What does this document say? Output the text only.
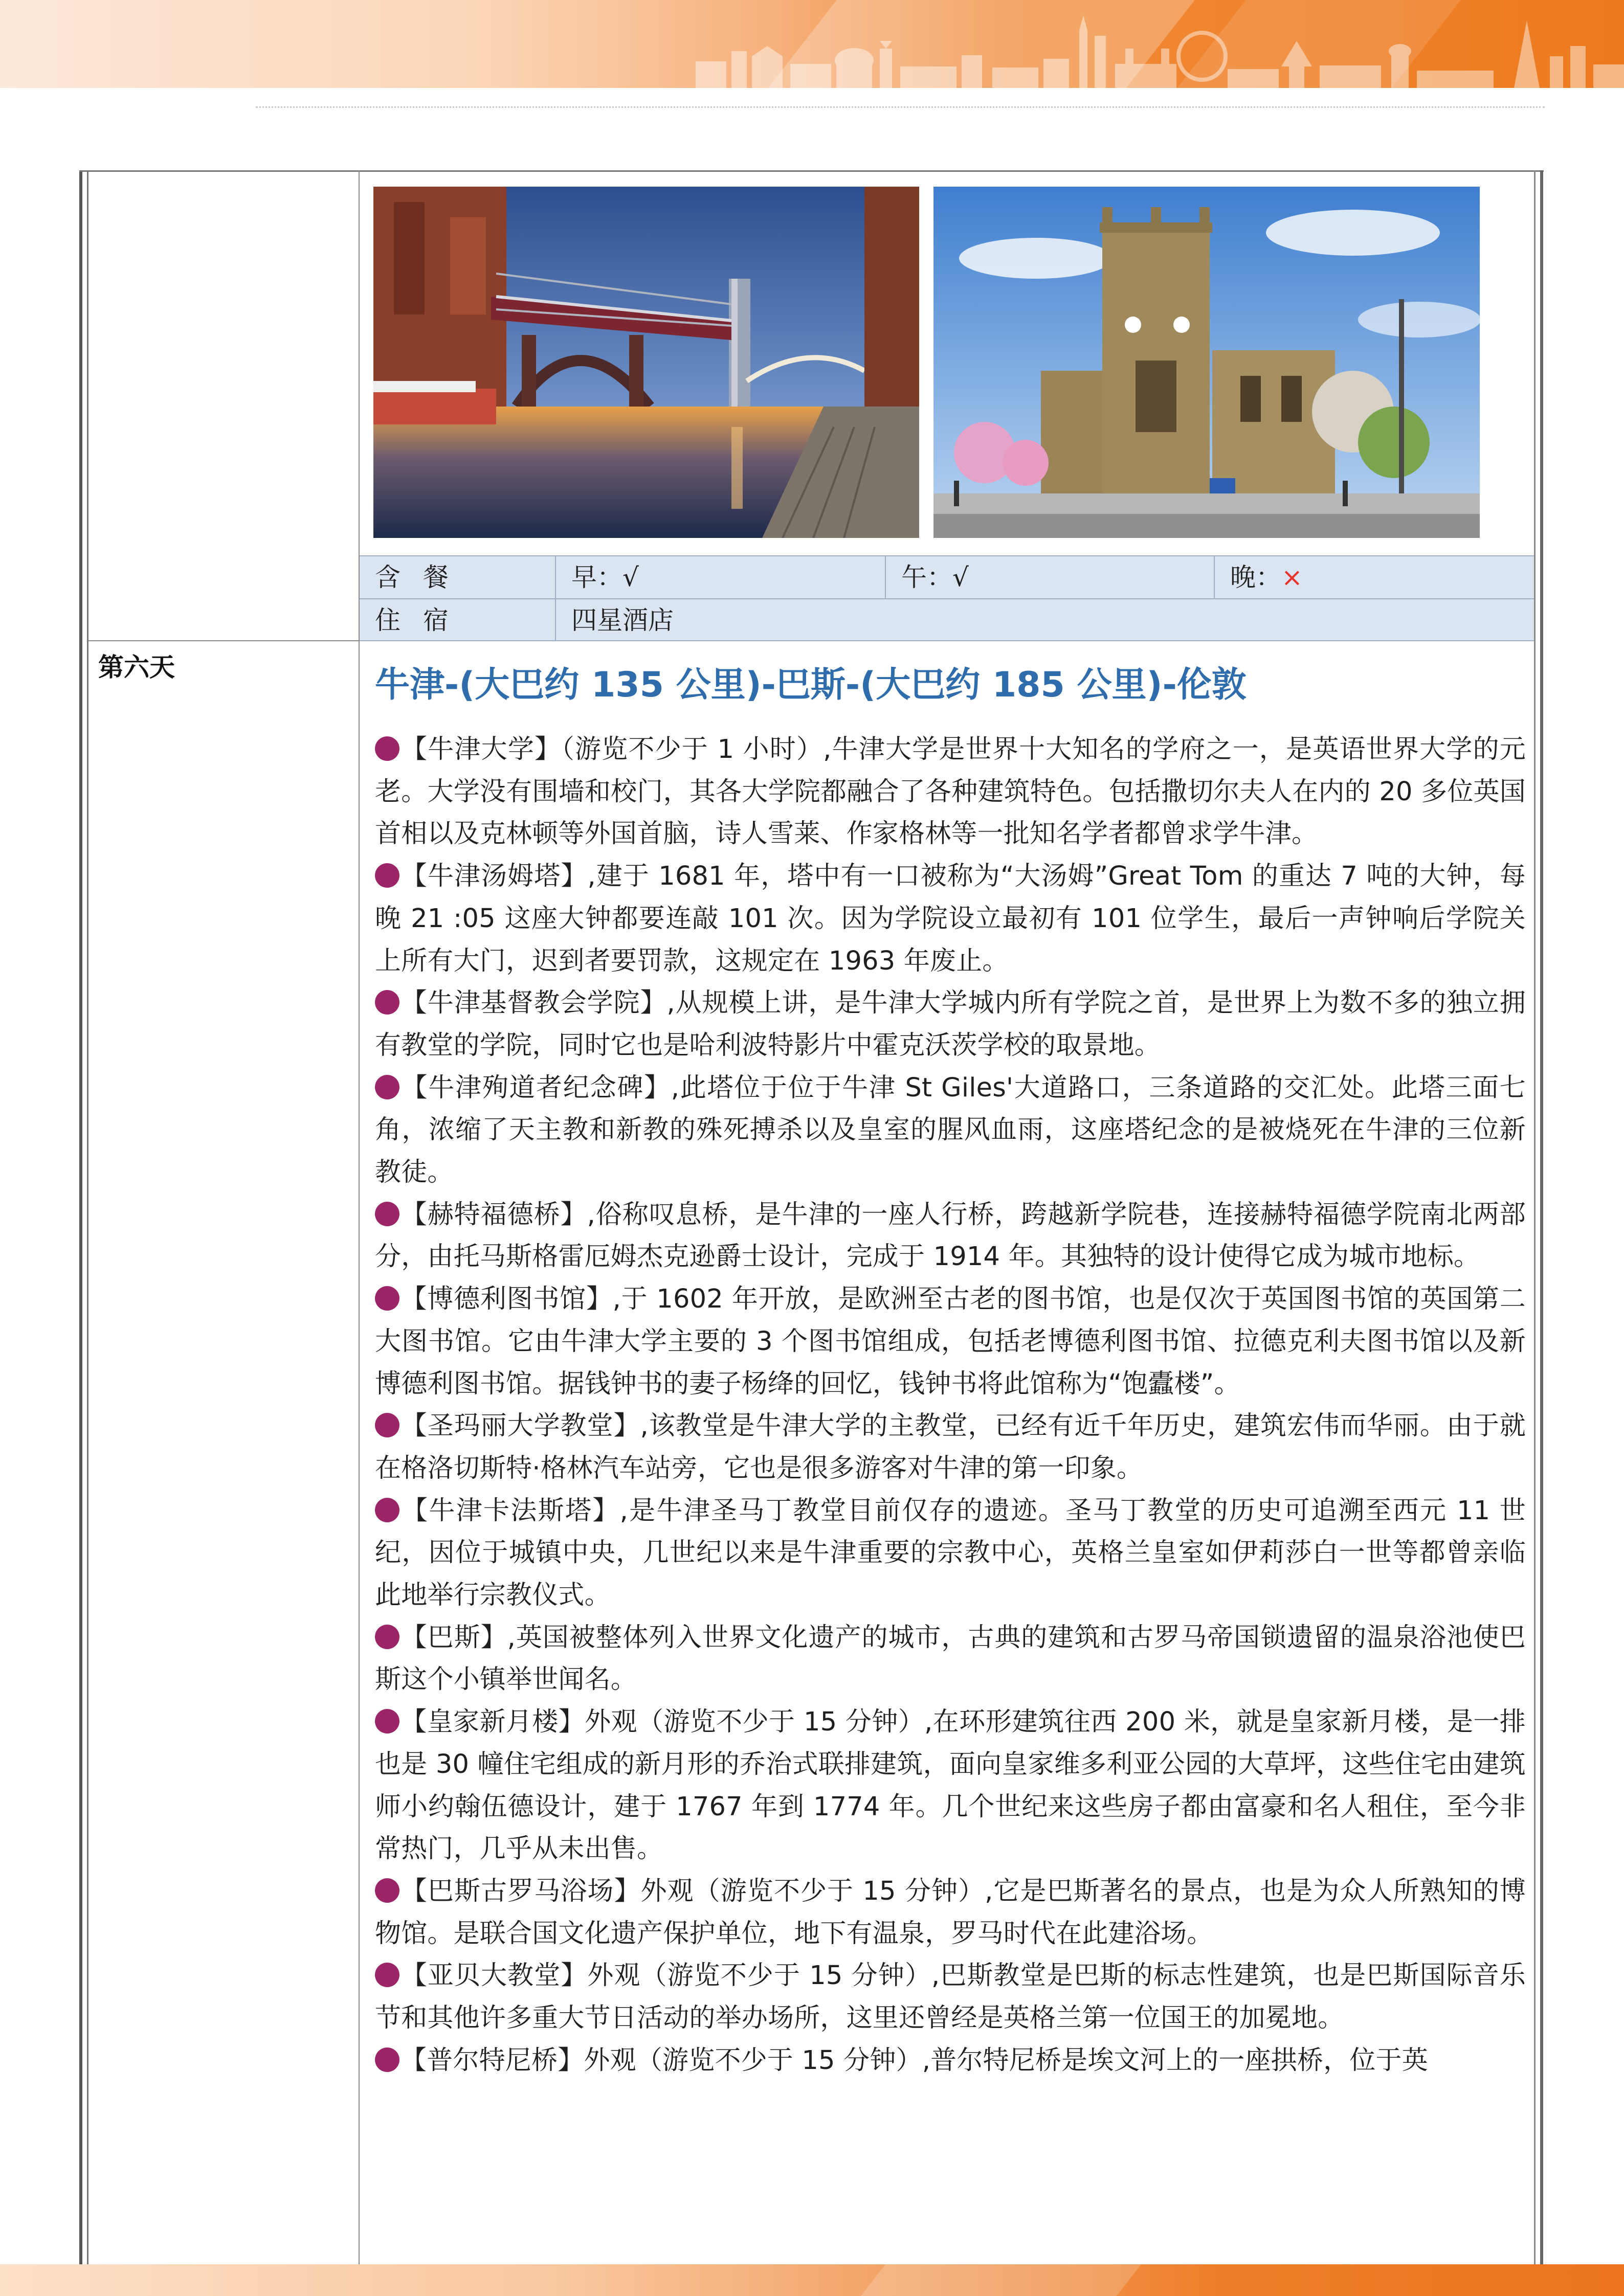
含餐	早：√	午：√	晚：×
住宿	四星酒店
第六天	牛津-(大巴约 135 公里)-巴斯-(大巴约 185 公里)-伦敦
【牛津大学】（游览不少于 1 小时）,牛津大学是世界十大知名的学府之一，是英语世界大学的元老。大学没有围墙和校门，其各大学院都融合了各种建筑特色。包括撒切尔夫人在内的 20 多位英国首相以及克林顿等外国首脑，诗人雪莱、作家格林等一批知名学者都曾求学牛津。
【牛津汤姆塔】,建于 1681 年，塔中有一口被称为“大汤姆”Great Tom 的重达 7 吨的大钟，每晚 21 :05 这座大钟都要连敲 101 次。因为学院设立最初有 101 位学生，最后一声钟响后学院关上所有大门，迟到者要罚款，这规定在 1963 年废止。
【牛津基督教会学院】,从规模上讲，是牛津大学城内所有学院之首，是世界上为数不多的独立拥有教堂的学院，同时它也是哈利波特影片中霍克沃茨学校的取景地。
【牛津殉道者纪念碑】,此塔位于位于牛津 St Giles'大道路口，三条道路的交汇处。此塔三面七角，浓缩了天主教和新教的殊死搏杀以及皇室的腥风血雨，这座塔纪念的是被烧死在牛津的三位新教徒。
【赫特福德桥】,俗称叹息桥，是牛津的一座人行桥，跨越新学院巷，连接赫特福德学院南北两部分，由托马斯格雷厄姆杰克逊爵士设计，完成于 1914 年。其独特的设计使得它成为城市地标。
【博德利图书馆】,于 1602 年开放，是欧洲至古老的图书馆，也是仅次于英国图书馆的英国第二大图书馆。它由牛津大学主要的 3 个图书馆组成，包括老博德利图书馆、拉德克利夫图书馆以及新博德利图书馆。据钱钟书的妻子杨绛的回忆，钱钟书将此馆称为“饱蠹楼”。
【圣玛丽大学教堂】,该教堂是牛津大学的主教堂，已经有近千年历史，建筑宏伟而华丽。由于就在格洛切斯特·格林汽车站旁，它也是很多游客对牛津的第一印象。
【牛津卡法斯塔】,是牛津圣马丁教堂目前仅存的遗迹。圣马丁教堂的历史可追溯至西元 11 世纪，因位于城镇中央，几世纪以来是牛津重要的宗教中心，英格兰皇室如伊莉莎白一世等都曾亲临此地举行宗教仪式。
【巴斯】,英国被整体列入世界文化遗产的城市，古典的建筑和古罗马帝国锁遗留的温泉浴池使巴斯这个小镇举世闻名。
【皇家新月楼】外观（游览不少于 15 分钟）,在环形建筑往西 200 米，就是皇家新月楼，是一排也是 30 幢住宅组成的新月形的乔治式联排建筑，面向皇家维多利亚公园的大草坪，这些住宅由建筑师小约翰伍德设计，建于 1767 年到 1774 年。几个世纪来这些房子都由富豪和名人租住，至今非常热门，几乎从未出售。
【巴斯古罗马浴场】外观（游览不少于 15 分钟）,它是巴斯著名的景点，也是为众人所熟知的博物馆。是联合国文化遗产保护单位，地下有温泉，罗马时代在此建浴场。
【亚贝大教堂】外观（游览不少于 15 分钟）,巴斯教堂是巴斯的标志性建筑，也是巴斯国际音乐节和其他许多重大节日活动的举办场所，这里还曾经是英格兰第一位国王的加冕地。
【普尔特尼桥】外观（游览不少于 15 分钟）,普尔特尼桥是埃文河上的一座拱桥，位于英
